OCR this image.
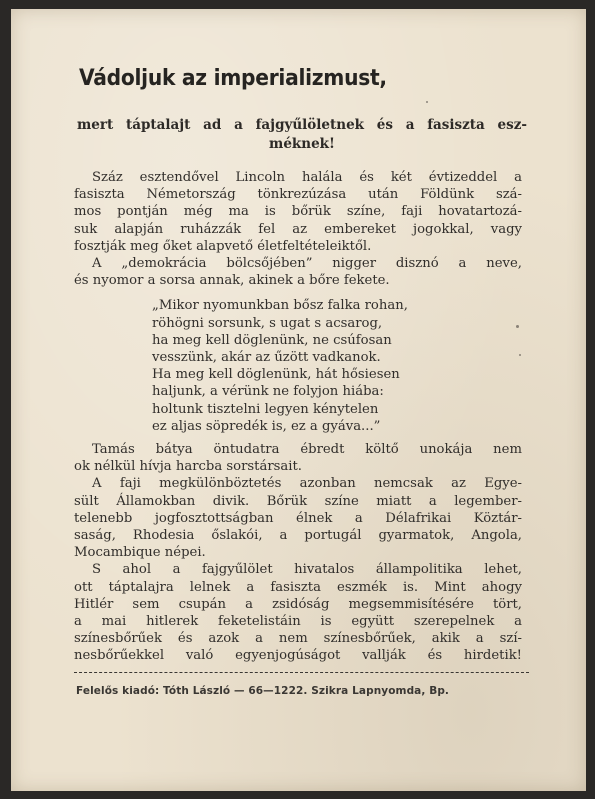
Vádoljuk az imperializmust,
mert táptalajt ad a fajgyűlöletnek és a fasiszta esz-
méknek!

Száz esztendővel Lincoln halála és két évtizeddel a
fasiszta Németország tönkrezúzása után Földünk szá-
mos pontján még ma is bőrük színe, faji hovatartozá-
suk alapján ruházzák fel az embereket jogokkal, vagy
fosztják meg őket alapvető életfeltételeiktől.

A „demokrácia bölcsőjében” nigger disznó a neve,
és nyomor a sorsa annak, akinek a bőre fekete.

„Mikor nyomunkban bősz falka rohan,
röhögni sorsunk, s ugat s acsarog,
ha meg kell döglenünk, ne csúfosan
vesszünk, akár az űzött vadkanok.
Ha meg kell döglenünk, hát hősiesen
haljunk, a vérünk ne folyjon hiába:
holtunk tisztelni legyen kénytelen
ez aljas söpredék is, ez a gyáva...”

Tamás bátya öntudatra ébredt költő unokája nem
ok nélkül hívja harcba sorstársait.

A faji megkülönböztetés azonban nemcsak az Egye-
sült Államokban divik. Bőrük színe miatt a legember-
telenebb jogfosztottságban élnek a Délafrikai Köztár-
saság, Rhodesia őslakói, a portugál gyarmatok, Angola,
Mocambique népei.

S ahol a fajgyűlölet hivatalos állampolitika lehet,
ott táptalajra lelnek a fasiszta eszmék is. Mint ahogy
Hitlér sem csupán a zsidóság megsemmisítésére tört,
a mai hitlerek feketelistáin is együtt szerepelnek a
színesbőrűek és azok a nem színesbőrűek, akik a szí-
nesbőrűekkel való egyenjogúságot vallják és hirdetik!

Felelős kiadó: Tóth László — 66—1222. Szikra Lapnyomda, Bp.
